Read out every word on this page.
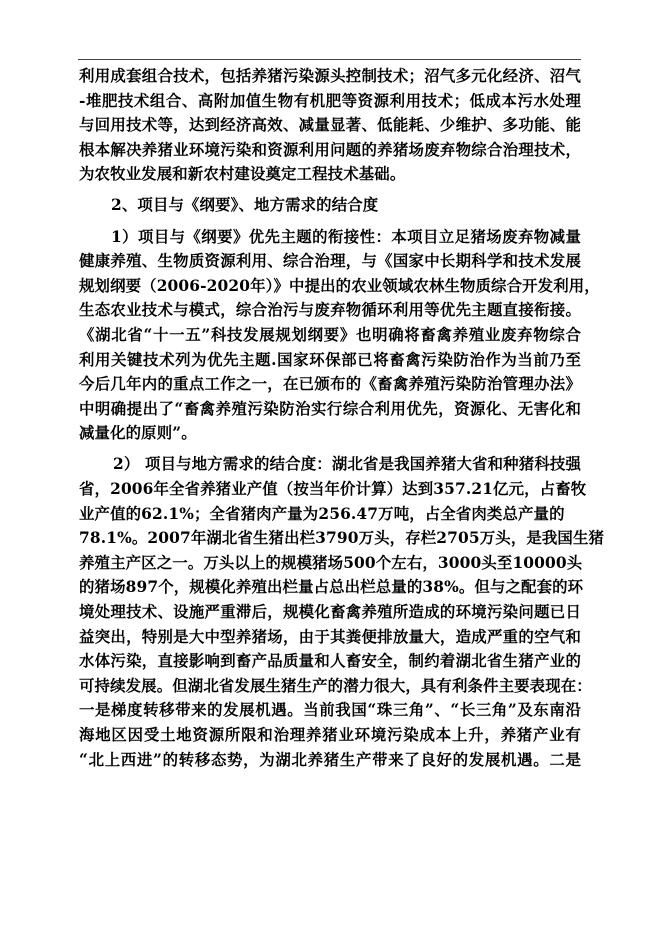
利用成套组合技术，包括养猪污染源头控制技术；沼气多元化经济、沼气
-堆肥技术组合、高附加值生物有机肥等资源利用技术；低成本污水处理
与回用技术等，达到经济高效、减量显著、低能耗、少维护、多功能、能
根本解决养猪业环境污染和资源利用问题的养猪场废弃物综合治理技术，
为农牧业发展和新农村建设奠定工程技术基础。
2、项目与《纲要》、地方需求的结合度
1）项目与《纲要》优先主题的衔接性：本项目立足猪场废弃物减量
健康养殖、生物质资源利用、综合治理，与《国家中长期科学和技术发展
规划纲要（2006-2020年）》中提出的农业领域农林生物质综合开发利用，
生态农业技术与模式，综合治污与废弃物循环利用等优先主题直接衔接。
《湖北省“十一五”科技发展规划纲要》也明确将畜禽养殖业废弃物综合
利用关键技术列为优先主题.国家环保部已将畜禽污染防治作为当前乃至
今后几年内的重点工作之一，在已颁布的《畜禽养殖污染防治管理办法》
中明确提出了“畜禽养殖污染防治实行综合利用优先，资源化、无害化和
减量化的原则”。
2） 项目与地方需求的结合度：湖北省是我国养猪大省和种猪科技强
省，2006年全省养猪业产值（按当年价计算）达到357.21亿元，占畜牧
业产值的62.1%；全省猪肉产量为256.47万吨，占全省肉类总产量的
78.1%。2007年湖北省生猪出栏3790万头，存栏2705万头，是我国生猪
养殖主产区之一。万头以上的规模猪场500个左右，3000头至10000头
的猪场897个，规模化养殖出栏量占总出栏总量的38%。但与之配套的环
境处理技术、设施严重滞后，规模化畜禽养殖所造成的环境污染问题已日
益突出，特别是大中型养猪场，由于其粪便排放量大，造成严重的空气和
水体污染，直接影响到畜产品质量和人畜安全，制约着湖北省生猪产业的
可持续发展。但湖北省发展生猪生产的潜力很大，具有利条件主要表现在：
一是梯度转移带来的发展机遇。当前我国“珠三角”、“长三角”及东南沿
海地区因受土地资源所限和治理养猪业环境污染成本上升，养猪产业有
“北上西进”的转移态势，为湖北养猪生产带来了良好的发展机遇。二是
